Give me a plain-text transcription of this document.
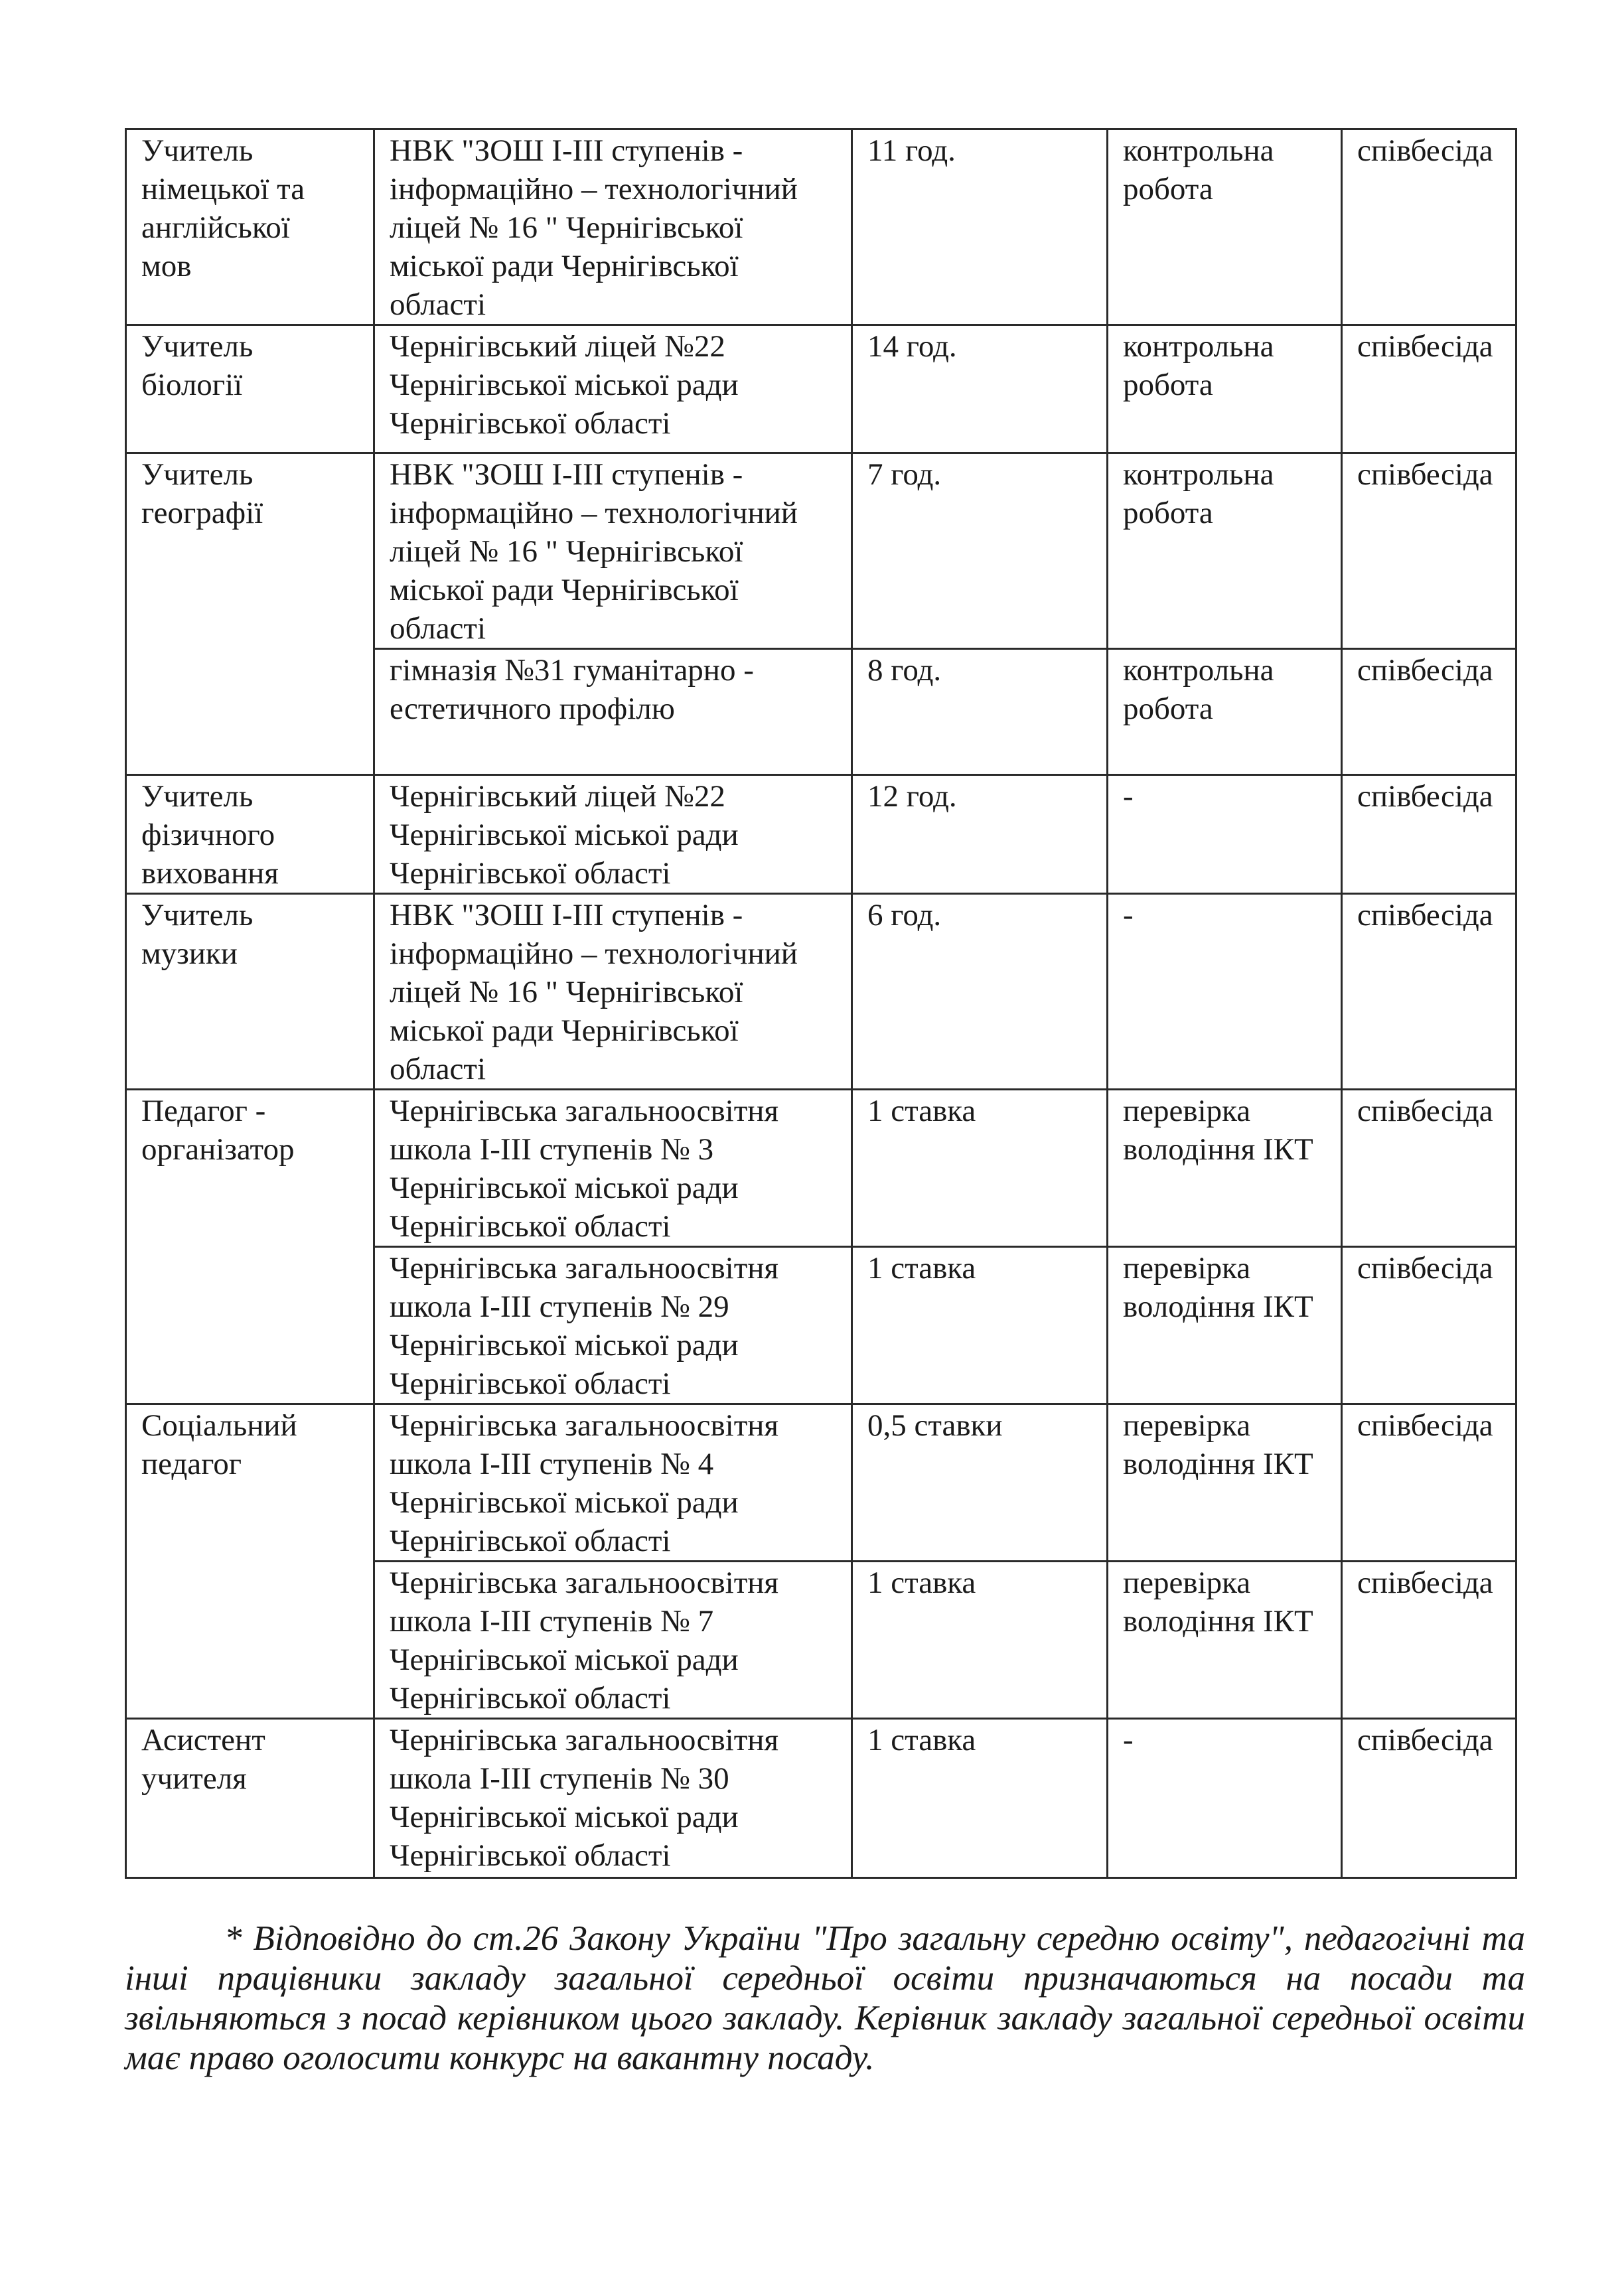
Учитель
німецької та
англійської
мов	НВК "ЗОШ І-ІІІ ступенів -
інформаційно – технологічний
ліцей № 16 " Чернігівської
міської ради Чернігівської
області	11 год.	контрольна
робота	співбесіда
Учитель
біології	Чернігівський ліцей №22
Чернігівської міської ради
Чернігівської області	14 год.	контрольна
робота	співбесіда
Учитель
географії	НВК "ЗОШ І-ІІІ ступенів -
інформаційно – технологічний
ліцей № 16 " Чернігівської
міської ради Чернігівської
області	7 год.	контрольна
робота	співбесіда
	гімназія №31 гуманітарно -
естетичного профілю	8 год.	контрольна
робота	співбесіда
Учитель
фізичного
виховання	Чернігівський ліцей №22
Чернігівської міської ради
Чернігівської області	12 год.	-	співбесіда
Учитель
музики	НВК "ЗОШ І-ІІІ ступенів -
інформаційно – технологічний
ліцей № 16 " Чернігівської
міської ради Чернігівської
області	6 год.	-	співбесіда
Педагог -
організатор	Чернігівська загальноосвітня
школа І-ІІІ ступенів № 3
Чернігівської міської ради
Чернігівської області	1 ставка	перевірка
володіння ІКТ	співбесіда
	Чернігівська загальноосвітня
школа І-ІІІ ступенів № 29
Чернігівської міської ради
Чернігівської області	1 ставка	перевірка
володіння ІКТ	співбесіда
Соціальний
педагог	Чернігівська загальноосвітня
школа І-ІІІ ступенів № 4
Чернігівської міської ради
Чернігівської області	0,5 ставки	перевірка
володіння ІКТ	співбесіда
	Чернігівська загальноосвітня
школа І-ІІІ ступенів № 7
Чернігівської міської ради
Чернігівської області	1 ставка	перевірка
володіння ІКТ	співбесіда
Асистент
учителя	Чернігівська загальноосвітня
школа І-ІІІ ступенів № 30
Чернігівської міської ради
Чернігівської області	1 ставка	-	співбесіда

* Відповідно до ст.26 Закону України "Про загальну середню освіту", педагогічні та інші працівники закладу загальної середньої освіти призначаються на посади та звільняються з посад керівником цього закладу. Керівник закладу загальної середньої освіти має право оголосити конкурс на вакантну посаду.
